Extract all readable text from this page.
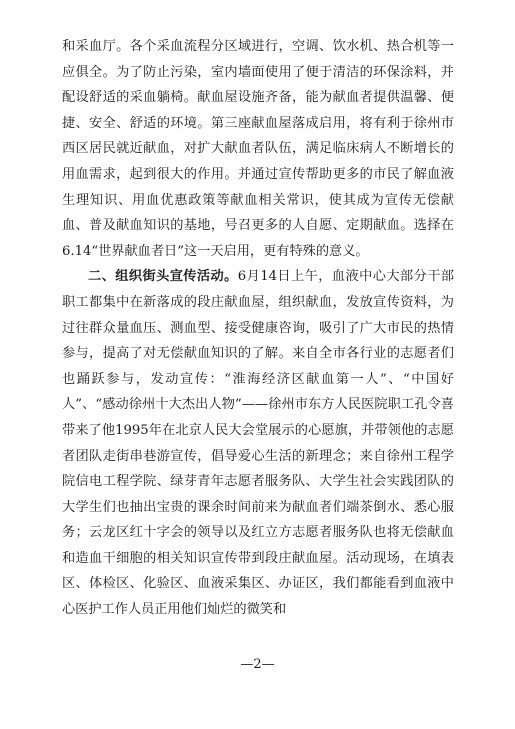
和采血厅。各个采血流程分区域进行，空调、饮水机、热合机等一应俱全。为了防止污染，室内墙面使用了便于清洁的环保涂料，并配设舒适的采血躺椅。献血屋设施齐备，能为献血者提供温馨、便捷、安全、舒适的环境。第三座献血屋落成启用，将有利于徐州市西区居民就近献血，对扩大献血者队伍，满足临床病人不断增长的用血需求，起到很大的作用。并通过宣传帮助更多的市民了解血液生理知识、用血优惠政策等献血相关常识，使其成为宣传无偿献血、普及献血知识的基地，号召更多的人自愿、定期献血。选择在6.14“世界献血者日”这一天启用，更有特殊的意义。

二、组织街头宣传活动。6月14日上午，血液中心大部分干部职工都集中在新落成的段庄献血屋，组织献血，发放宣传资料，为过往群众量血压、测血型、接受健康咨询，吸引了广大市民的热情参与，提高了对无偿献血知识的了解。来自全市各行业的志愿者们也踊跃参与，发动宣传：“淮海经济区献血第一人”、“中国好人”、“感动徐州十大杰出人物”——徐州市东方人民医院职工孔令喜带来了他1995年在北京人民大会堂展示的心愿旗，并带领他的志愿者团队走街串巷游宣传，倡导爱心生活的新理念；来自徐州工程学院信电工程学院、绿芽青年志愿者服务队、大学生社会实践团队的大学生们也抽出宝贵的课余时间前来为献血者们端茶倒水、悉心服务；云龙区红十字会的领导以及红立方志愿者服务队也将无偿献血和造血干细胞的相关知识宣传带到段庄献血屋。活动现场，在填表区、体检区、化验区、血液采集区、办证区，我们都能看到血液中心医护工作人员正用他们灿烂的微笑和

—2—
